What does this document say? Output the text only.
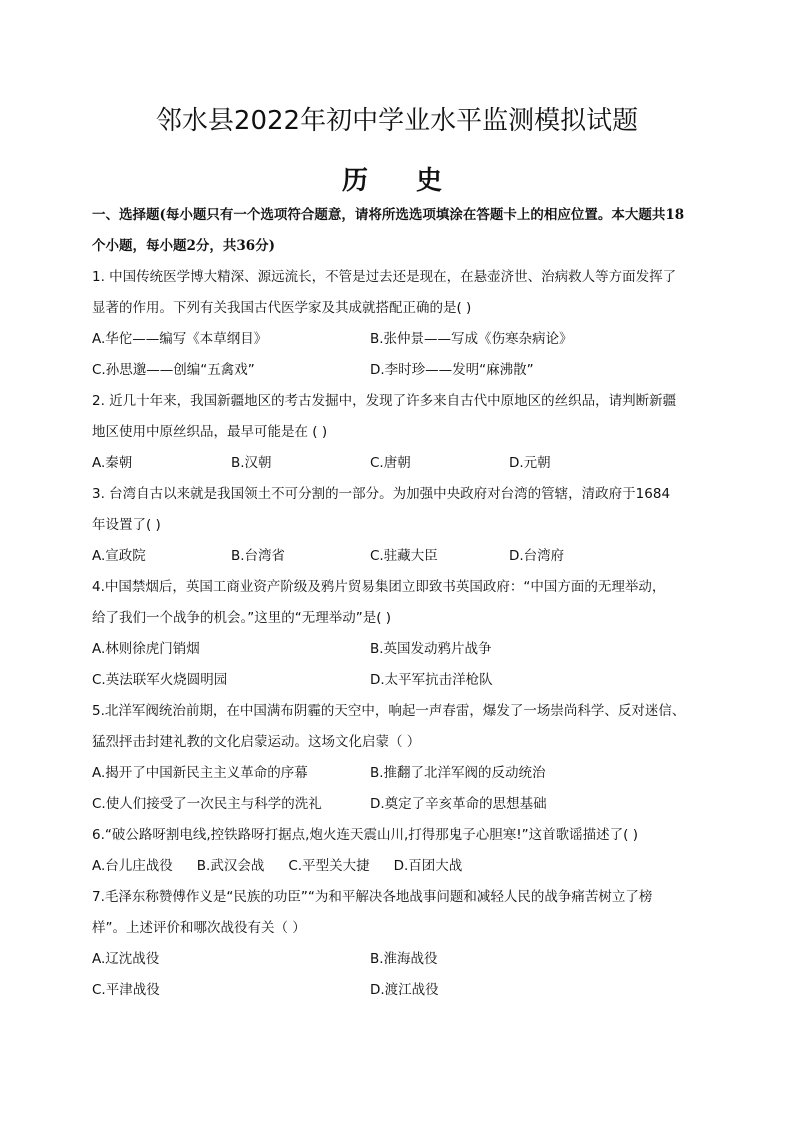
邻水县2022年初中学业水平监测模拟试题
历  史
一、选择题(每小题只有一个选项符合题意，请将所选选项填涂在答题卡上的相应位置。本大题共18
个小题，每小题2分，共36分)
1. 中国传统医学博大精深、源远流长，不管是过去还是现在，在悬壶济世、治病救人等方面发挥了
显著的作用。下列有关我国古代医学家及其成就搭配正确的是( )
A.华佗——编写《本草纲目》	B.张仲景——写成《伤寒杂病论》
C.孙思邈——创编“五禽戏”	D.李时珍——发明“麻沸散”
2. 近几十年来，我国新疆地区的考古发掘中，发现了许多来自古代中原地区的丝织品，请判断新疆
地区使用中原丝织品，最早可能是在 ( )
A.秦朝	B.汉朝	C.唐朝	D.元朝
3. 台湾自古以来就是我国领土不可分割的一部分。为加强中央政府对台湾的管辖，清政府于1684
年设置了( )
A.宣政院	B.台湾省	C.驻藏大臣	D.台湾府
4.中国禁烟后，英国工商业资产阶级及鸦片贸易集团立即致书英国政府：“中国方面的无理举动，
给了我们一个战争的机会。”这里的“无理举动”是( )
A.林则徐虎门销烟	B.英国发动鸦片战争
C.英法联军火烧圆明园	D.太平军抗击洋枪队
5.北洋军阀统治前期，在中国满布阴霾的天空中，响起一声春雷，爆发了一场崇尚科学、反对迷信、
猛烈抨击封建礼教的文化启蒙运动。这场文化启蒙（ ）
A.揭开了中国新民主主义革命的序幕	B.推翻了北洋军阀的反动统治
C.使人们接受了一次民主与科学的洗礼	D.奠定了辛亥革命的思想基础
6.“破公路呀割电线,控铁路呀打据点,炮火连天震山川,打得那鬼子心胆寒!”这首歌谣描述了( )
A.台儿庄战役 B.武汉会战 C.平型关大捷 D.百团大战
7.毛泽东称赞傅作义是“民族的功臣”“为和平解决各地战事问题和减轻人民的战争痛苦树立了榜
样”。上述评价和哪次战役有关（ ）
A.辽沈战役	B.淮海战役
C.平津战役	D.渡江战役
